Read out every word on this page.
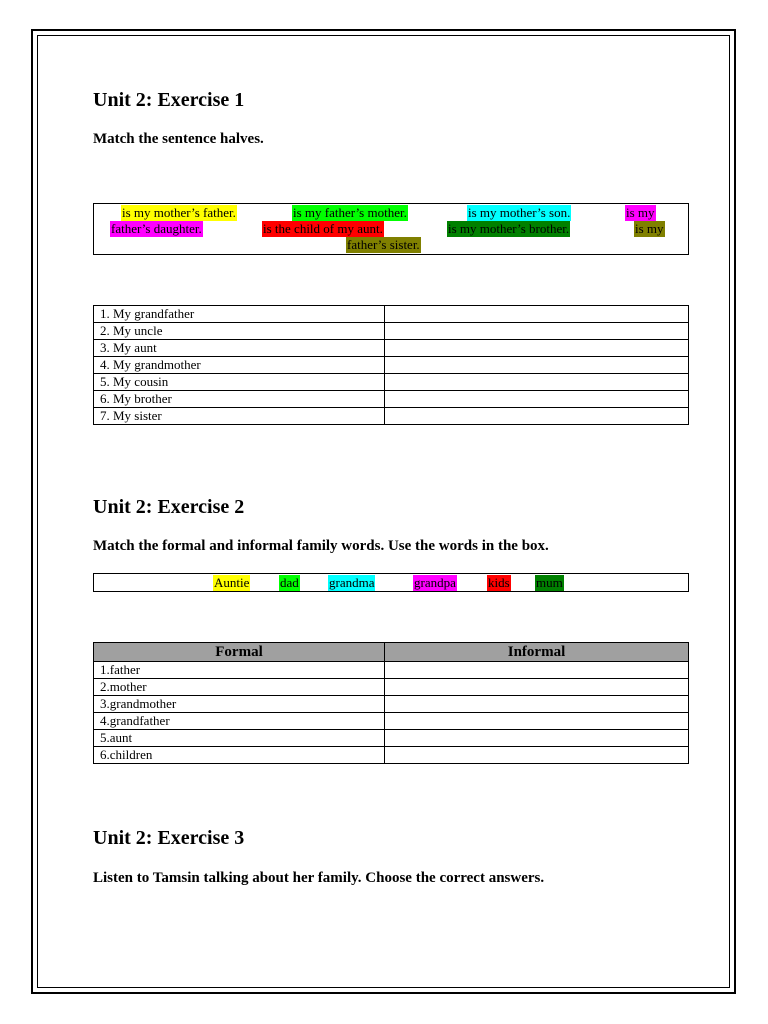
Unit 2: Exercise 1

Match the sentence halves.

is my mother’s father.	is my father’s mother.	is my mother’s son.	is my
father’s daughter.	is the child of my aunt.	is my mother’s brother.	is my
father’s sister.
1. My grandfather	
2. My uncle	
3. My aunt	
4. My grandmother	
5. My cousin	
6. My brother	
7. My sister	
Unit 2: Exercise 2

Match the formal and informal family words. Use the words in the box.

Auntie dad grandma	grandpa kids mum
Formal	Informal
1.father	
2.mother	
3.grandmother	
4.grandfather	
5.aunt	
6.children	
Unit 2: Exercise 3

Listen to Tamsin talking about her family. Choose the correct answers.
